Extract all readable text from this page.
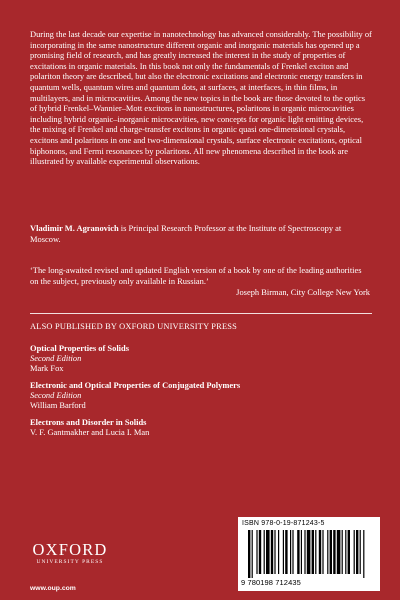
During the last decade our expertise in nanotechnology has advanced considerably. The possibility of incorporating in the same nanostructure different organic and inorganic materials has opened up a promising field of research, and has greatly increased the interest in the study of properties of excitations in organic materials. In this book not only the fundamentals of Frenkel exciton and polariton theory are described, but also the electronic excitations and electronic energy transfers in quantum wells, quantum wires and quantum dots, at surfaces, at interfaces, in thin films, in multilayers, and in microcavities. Among the new topics in the book are those devoted to the optics of hybrid Frenkel–Wannier–Mott excitons in nanostructures, polaritons in organic microcavities including hybrid organic–inorganic microcavities, new concepts for organic light emitting devices, the mixing of Frenkel and charge-transfer excitons in organic quasi one-dimensional crystals, excitons and polaritons in one and two-dimensional crystals, surface electronic excitations, optical biphonons, and Fermi resonances by polaritons. All new phenomena described in the book are illustrated by available experimental observations.

Vladimir M. Agranovich is Principal Research Professor at the Institute of Spectroscopy at Moscow.

‘The long-awaited revised and updated English version of a book by one of the leading authorities on the subject, previously only available in Russian.’

Joseph Birman, City College New York

ALSO PUBLISHED BY OXFORD UNIVERSITY PRESS

Optical Properties of Solids
Second Edition
Mark Fox
Electronic and Optical Properties of Conjugated Polymers
Second Edition
William Barford
Electrons and Disorder in Solids
V. F. Gantmakher and Lucia I. Man
OXFORD
UNIVERSITY PRESS
www.oup.com
ISBN 978-0-19-871243-5
9 780198 712435
